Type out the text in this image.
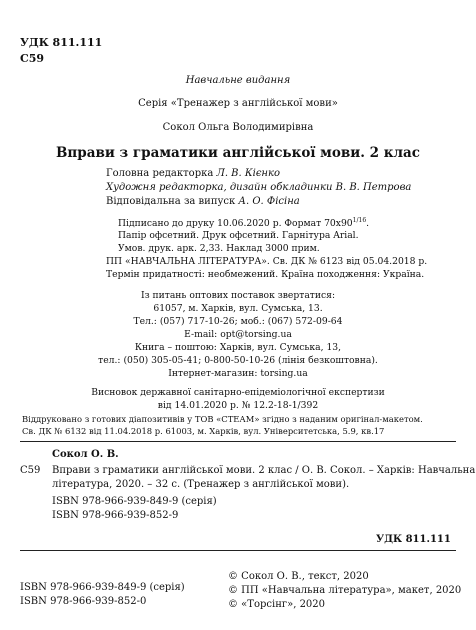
УДК 811.111
С59
Навчальне видання
Серія «Тренажер з англійської мови»
Сокол Ольга Володимирівна
Вправи з граматики англійської мови. 2 клас
Головна редакторка Л. В. Кієнко
Художня редакторка, дизайн обкладинки В. В. Петрова
Відповідальна за випуск А. О. Фісіна
Підписано до друку 10.06.2020 р. Формат $70x90^{1/16}$.
Папір офсетний. Друк офсетний. Гарнітура Arial.
Умов. друк. арк. 2,33. Наклад 3000 прим.
ПП «НАВЧАЛЬНА ЛІТЕРАТУРА». Св. ДК № 6123 від 05.04.2018 р.
Термін придатності: необмежений. Країна походження: Україна.
Із питань оптових поставок звертатися:
61057, м. Харків, вул. Сумська, 13.
Тел.: (057) 717-10-26; моб.: (067) 572-09-64
E-mail: opt@torsing.ua
Книга – поштою: Харків, вул. Сумська, 13,
тел.: (050) 305-05-41; 0-800-50-10-26 (лінія безкоштовна).
Інтернет-магазин: torsing.ua
Висновок державної санітарно-епідеміологічної експертизи
від 14.01.2020 р. № 12.2-18-1/392
Віддруковано з готових діапозитивів у ТОВ «СТЕАМ» згідно з наданим оригінал-макетом.
Св. ДК № 6132 від 11.04.2018 р. 61003, м. Харків, вул. Університетська, 5.9, кв.17
Сокол О. В.
С59 Вправи з граматики англійської мови. 2 клас / О. В. Сокол. – Харків: Навчальна
література, 2020. – 32 с. (Тренажер з англійської мови).
ISBN 978-966-939-849-9 (серія)
ISBN 978-966-939-852-9
УДК 811.111
ISBN 978-966-939-849-9 (серія)
ISBN 978-966-939-852-0
© Сокол О. В., текст, 2020
© ПП «Навчальна література», макет, 2020
© «Торсінг», 2020
